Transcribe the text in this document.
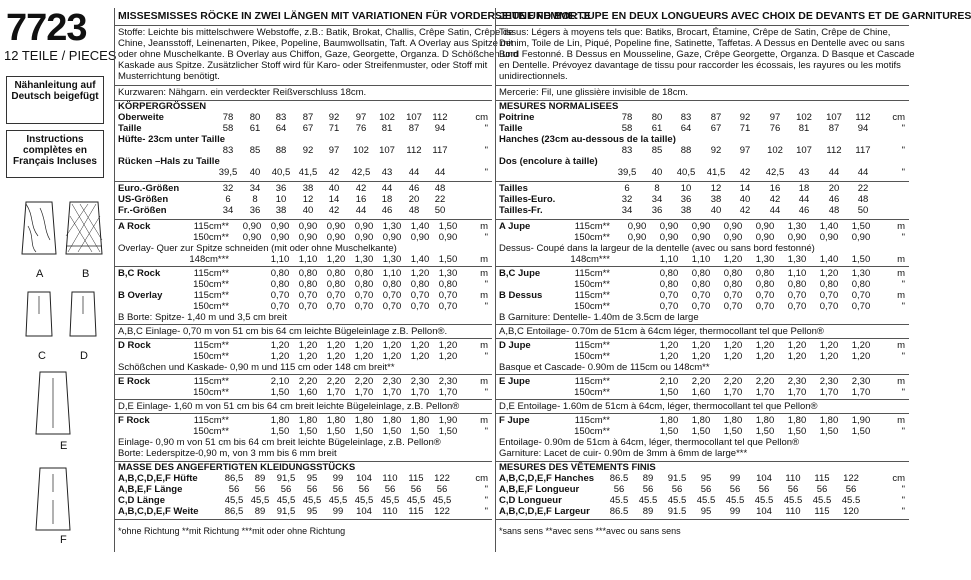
7723
12 TEILE / PIECES
Nähanleitung auf Deutsch beigefügt
Instructions complètes en Français Incluses
A	B
C	D
E
F
MISSESMISSES RÖCKE IN ZWEI LÄNGEN MIT VARIATIONEN FÜR VORDERSEITE UND BORTE
Stoffe: Leichte bis mittelschwere Webstoffe, z.B.: Batik, Brokat, Challis, Crêpe Satin, Crêpe de
Chine, Jeansstoff, Leinenarten, Pikee, Popeline, Baumwollsatin, Taft. A Overlay aus Spitze mit
oder ohne Muschelkante. B Overlay aus Chiffon, Gaze, Georgette, Organza. D Schößchen und
Kaskade aus Spitze. Zusätzlicher Stoff wird für Karo- oder Streifenmuster, oder Stoff mit
Musterrichtung benötigt.
Kurzwaren: Nähgarn. ein verdeckter Reißverschluss 18cm.
KÖRPERGRÖSSEN
Oberweite	78	80	83	87	92	97	102	107	112	cm
Taille	58	61	64	67	71	76	81	87	94	"
Hüfte- 23cm unter Taille
83	85	88	92	97	102	107	112	117	"
Rücken –Hals zu Taille
39,5	40	40,5 41,5	42	42,5	43	44	44	"
Euro.-Größen	32	34	36	38	40	42	44	46	48
US-Größen	6	8	10	12	14	16	18	20	22
Fr.-Größen	34	36	38	40	42	44	46	48	50
A Rock	115cm**	0,90	0,90	0,90	0,90	0,90	1,30	1,40	1,50	m
150cm**	0,90	0,90	0,90	0,90	0,90	0,90	0,90	0,90	"
Overlay- Quer zur Spitze schneiden (mit oder ohne Muschelkante)
148cm***	1,10	1,10	1,20	1,30	1,30	1,40	1,50	m
B,C Rock	115cm**	0,80	0,80	0,80	0,80	1,10	1,20	1,30	m
150cm**	0,80	0,80	0,80	0,80	0,80	0,80	0,80	"
B Overlay	115cm**	0,70	0,70	0,70	0,70	0,70	0,70	0,70	m
150cm**	0,70	0,70	0,70	0,70	0,70	0,70	0,70	"
B Borte: Spitze- 1,40 m und 3,5 cm breit
A,B,C Einlage- 0,70 m von 51 cm bis 64 cm leichte Bügeleinlage z.B. Pellon®.
D Rock	115cm**	1,20	1,20	1,20	1,20	1,20	1,20	1,20	m
150cm**	1,20	1,20	1,20	1,20	1,20	1,20	1,20	"
Schößchen und Kaskade- 0,90 m und 115 cm oder 148 cm breit**
E Rock	115cm**	2,10	2,20	2,20	2,20	2,30	2,30	2,30	m
150cm**	1,50	1,60	1,70	1,70	1,70	1,70	1,70	"
D,E Einlage- 1,60 m von 51 cm bis 64 cm breit leichte Bügeleinlage, z.B. Pellon®
F Rock	115cm**	1,80	1,80	1,80	1,80	1,80	1,80	1,90	m
150cm**	1,50	1,50	1,50	1,50	1,50	1,50	1,50	"
Einlage- 0,90 m von 51 cm bis 64 cm breit leichte Bügeleinlage, z.B. Pellon®
Borte: Lederspitze-0,90 m, von 3 mm bis 6 mm breit
MASSE DES ANGEFERTIGTEN KLEIDUNGSSTÜCKS
A,B,C,D,E,F Hüfte	86,5	89	91,5	95	99	104	110	115	122	cm
A,B,E,F Länge	56	56	56	56	56	56	56	56	56	"
C,D Länge	45,5 45,5 45,5 45,5 45,5 45,5 45,5 45,5 45,5	"
A,B,C,D,E,F Weite	86,5	89	91,5	95	99	104	110	115	122	"
*ohne Richtung **mit Richtung ***mit oder ohne Richtung
JEUNE FEMME: JUPE EN DEUX LONGUEURS AVEC CHOIX DE DEVANTS ET DE GARNITURES
Tissus: Légers à moyens tels que: Batiks, Brocart, Étamine, Crêpe de Satin, Crêpe de Chine,
Denim, Toile de Lin, Piqué, Popeline fine, Satinette, Taffetas. A Dessus en Dentelle avec ou sans
Bord Festonné. B Dessus en Mousseline, Gaze, Crêpe Georgette, Organza. D Basque et Cascade
en Dentelle. Prévoyez davantage de tissu pour raccorder les écossais, les rayures ou les motifs
unidirectionnels.
Mercerie: Fil, une glissière invisible de 18cm.
MESURES NORMALISEES
Poitrine	78	80	83	87	92	97	102	107	112	cm
Taille	58	61	64	67	71	76	81	87	94	"
Hanches (23cm au-dessous de la taille)
83	85	88	92	97	102	107	112	117	"
Dos (encolure à taille)
39,5	40	40,5	41,5	42	42,5	43	44	44	"
Tailles	6	8	10	12	14	16	18	20	22
Tailles-Euro.	32	34	36	38	40	42	44	46	48
Tailles-Fr.	34	36	38	40	42	44	46	48	50
A Jupe	115cm**	0,90	0,90	0,90	0,90	0,90	1,30	1,40	1,50	m
150cm**	0,90	0,90	0,90	0,90	0,90	0,90	0,90	0,90	"
Dessus- Coupé dans la largeur de la dentelle (avec ou sans bord festonné)
148cm***	1,10	1,10	1,20	1,30	1,30	1,40	1,50	m
B,C Jupe	115cm**	0,80	0,80	0,80	0,80	1,10	1,20	1,30	m
150cm**	0,80	0,80	0,80	0,80	0,80	0,80	0,80	"
B Dessus	115cm**	0,70	0,70	0,70	0,70	0,70	0,70	0,70	m
150cm**	0,70	0,70	0,70	0,70	0,70	0,70	0,70	"
B Garniture: Dentelle- 1.40m de 3.5cm de large
A,B,C Entoilage- 0.70m de 51cm à 64cm léger, thermocollant tel que Pellon®
D Jupe	115cm**	1,20	1,20	1,20	1,20	1,20	1,20	1,20	m
150cm**	1,20	1,20	1,20	1,20	1,20	1,20	1,20	"
Basque et Cascade- 0.90m de 115cm ou 148cm**
E Jupe	115cm**	2,10	2,20	2,20	2,20	2,30	2,30	2,30	m
150cm**	1,50	1,60	1,70	1,70	1,70	1,70	1,70	"
D,E Entoilage- 1.60m de 51cm à 64cm, léger, thermocollant tel que Pellon®
F Jupe	115cm**	1,80	1,80	1,80	1,80	1,80	1,80	1,90	m
150cm**	1,50	1,50	1,50	1,50	1,50	1,50	1,50	"
Entoilage- 0.90m de 51cm à 64cm, léger, thermocollant tel que Pellon®
Garniture: Lacet de cuir- 0.90m de 3mm à 6mm de large***
MESURES DES VÊTEMENTS FINIS
A,B,C,D,E,F Hanches	86.5	89	91.5	95	99	104	110	115	122	cm
A,B,E,F Longueur	56	56	56	56	56	56	56	56	56	"
C,D Longueur	45.5	45.5	45.5	45.5	45.5	45.5	45.5	45.5	45.5	"
A,B,C,D,E,F Largeur	86.5	89	91.5	95	99	104	110	115	120	"
*sans sens **avec sens ***avec ou sans sens
